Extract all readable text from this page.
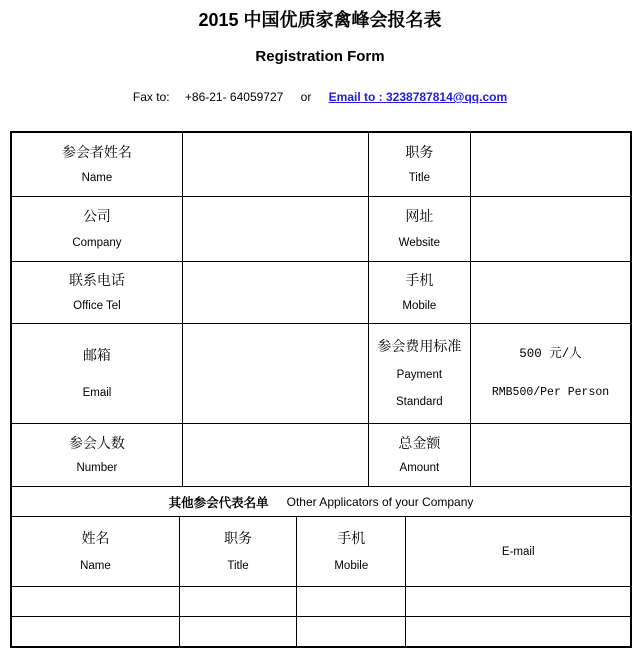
2015 中国优质家禽峰会报名表
Registration Form
Fax to: +86-21- 64059727 or Email to : 3238787814@qq.com
参会者姓名
Name
职务
Title
公司
Company
网址
Website
联系电话
Office Tel
手机
Mobile
邮箱
Email
参会费用标准
Payment
Standard
500 元/人
RMB500/Per Person
参会人数
Number
总金额
Amount
其他参会代表名单 Other Applicators of your Company
姓名
Name
职务
Title
手机
Mobile
E-mail
